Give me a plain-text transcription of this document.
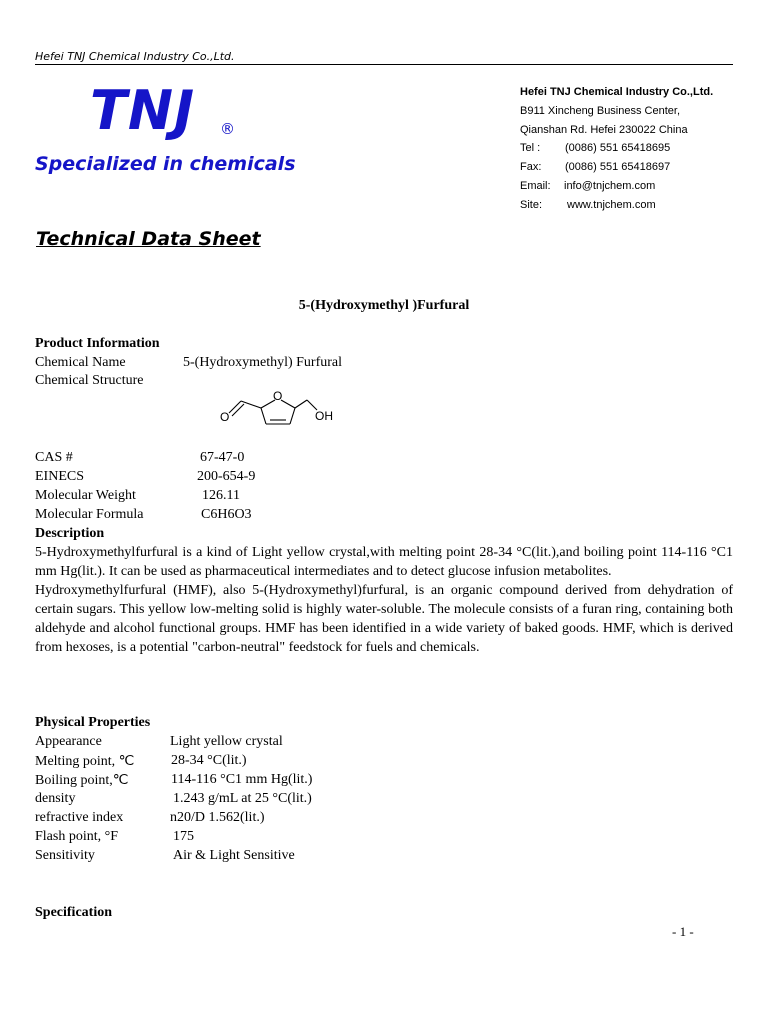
Hefei TNJ Chemical Industry Co.,Ltd.
TNJ ®
Specialized in chemicals
Hefei TNJ Chemical Industry Co.,Ltd.
B911 Xincheng Business Center,
Qianshan Rd. Hefei 230022 China
Tel : (0086) 551 65418695
Fax: (0086) 551 65418697
Email: info@tnjchem.com
Site: www.tnjchem.com
Technical Data Sheet
5-(Hydroxymethyl )Furfural
Product Information
Chemical Name	5-(Hydroxymethyl) Furfural
Chemical Structure
O
O	OH
CAS #	67-47-0
EINECS	200-654-9
Molecular Weight	126.11
Molecular Formula	C6H6O3
Description

5-Hydroxymethylfurfural is a kind of Light yellow crystal,with melting point 28-34 °C(lit.),and boiling point 114-116 °C1 mm Hg(lit.). It can be used as pharmaceutical intermediates and to detect glucose infusion metabolites.

Hydroxymethylfurfural (HMF), also 5-(Hydroxymethyl)furfural, is an organic compound derived from dehydration of certain sugars. This yellow low-melting solid is highly water-soluble. The molecule consists of a furan ring, containing both aldehyde and alcohol functional groups. HMF has been identified in a wide variety of baked goods. HMF, which is derived from hexoses, is a potential "carbon-neutral" feedstock for fuels and chemicals.

Physical Properties
Appearance	Light yellow crystal
Melting point, ℃	28-34 °C(lit.)
Boiling point,℃	114-116 °C1 mm Hg(lit.)
density	1.243 g/mL at 25 °C(lit.)
refractive index	n20/D 1.562(lit.)
Flash point, °F	175
Sensitivity	Air & Light Sensitive
Specification
- 1 -
